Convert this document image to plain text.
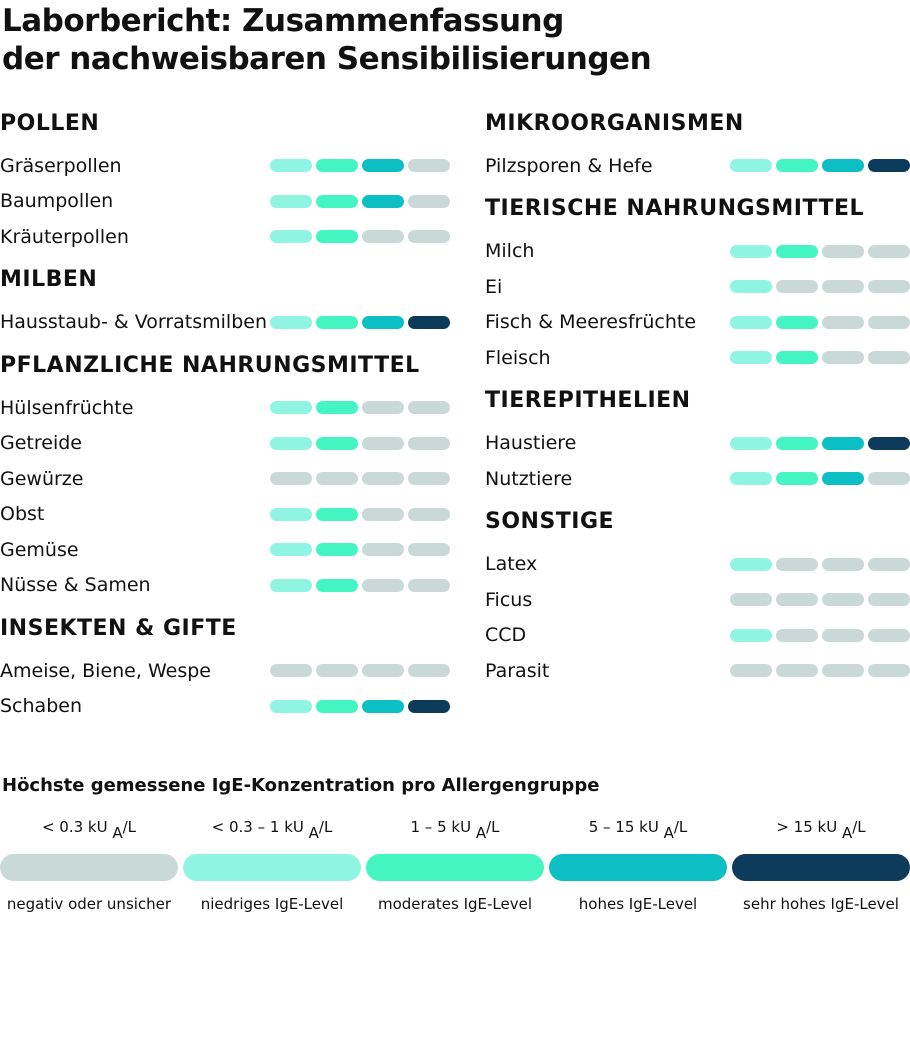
Laborbericht: Zusammenfassung
der nachweisbaren Sensibilisierungen
POLLEN
Gräserpollen
Baumpollen
Kräuterpollen
MILBEN
Hausstaub- & Vorratsmilben
PFLANZLICHE NAHRUNGSMITTEL
Hülsenfrüchte
Getreide
Gewürze
Obst
Gemüse
Nüsse & Samen
INSEKTEN & GIFTE
Ameise, Biene, Wespe
Schaben
MIKROORGANISMEN
Pilzsporen & Hefe
TIERISCHE NAHRUNGSMITTEL
Milch
Ei
Fisch & Meeresfrüchte
Fleisch
TIEREPITHELIEN
Haustiere
Nutztiere
SONSTIGE
Latex
Ficus
CCD
Parasit
Höchste gemessene IgE-Konzentration pro Allergengruppe
< 0.3 kU $_A$/L
negativ oder unsicher
< 0.3 – 1 kU $_A$/L
niedriges IgE-Level
1 – 5 kU $_A$/L
moderates IgE-Level
5 – 15 kU $_A$/L
hohes IgE-Level
> 15 kU $_A$/L
sehr hohes IgE-Level
